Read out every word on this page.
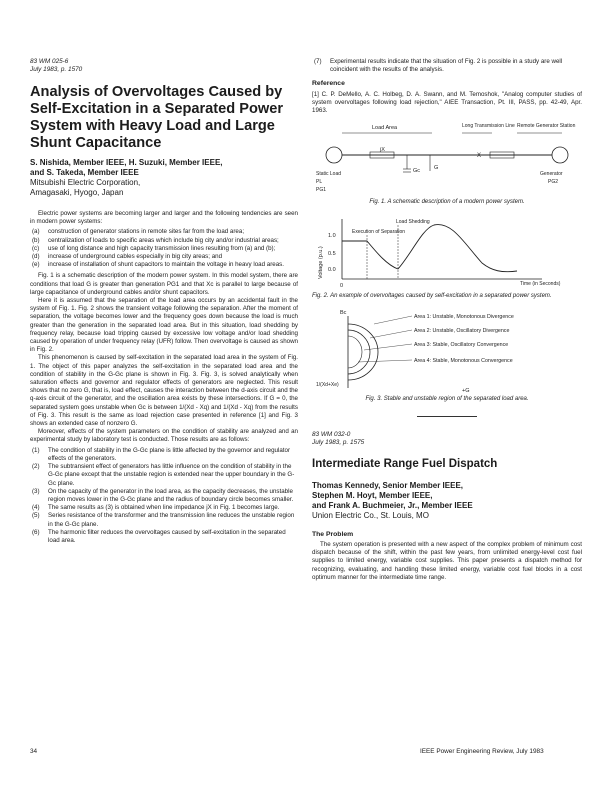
83 WM 025-6
July 1983, p. 1570
Analysis of Overvoltages Caused by Self-Excitation in a Separated Power System with Heavy Load and Large Shunt Capacitance

S. Nishida, Member IEEE, H. Suzuki, Member IEEE,

and S. Takeda, Member IEEE

Mitsubishi Electric Corporation,

Amagasaki, Hyogo, Japan

Electric power systems are becoming larger and larger and the following tendencies are seen in modern power systems:

(a) construction of generator stations in remote sites far from the load area;
(b) centralization of loads to specific areas which include big city and/or industrial areas;
(c) use of long distance and high capacity transmission lines resulting from (a) and (b);
(d) increase of underground cables especially in big city areas; and
(e) increase of installation of shunt capacitors to maintain the voltage in heavy load areas.

Fig. 1 is a schematic description of the modern power system. In this model system, there are conditions that load G is greater than generation PG1 and that Xc is parallel to large because of large capacitance of underground cables and/or shunt capacitors.

Here it is assumed that the separation of the load area occurs by an accidental fault in the system of Fig. 1. Fig. 2 shows the transient voltage following the separation. After the moment of separation, the voltage becomes lower and the frequency goes down because the load is much greater than the generation in the separated load area. But in this situation, load shedding by frequency relay, because load tripping caused by excessive low voltage and/or load shedding caused by operation of under frequency relay (UFR) follow. Then overvoltage is caused as shown in Fig. 2.

This phenomenon is caused by self-excitation in the separated load area in the system of Fig. 1. The object of this paper analyzes the self-excitation in the separated load area and the condition of stability in the G-Gc plane is shown in Fig. 3. Fig. 3, is solved analytically when saturation effects and governor and regulator effects of generators are neglected. This result shows that no zero G, that is, load effect, causes the interaction between the d-axis circuit and the q-axis circuit of the generator, and the oscillation area exists by these intersections. If G = 0, the separated system goes unstable when Gc is between 1/(Xd - Xq) and 1/(Xd - Xq) from the results of Fig. 3. This result is the same as load rejection case presented in reference [1] and Fig. 3 shows an extended case of nonzero G.

Moreover, effects of the system parameters on the condition of stability are analyzed and an experimental study by laboratory test is conducted. Those results are as follows:

(1) The condition of stability in the G-Gc plane is little affected by the governor and regulator effects of the generators.
(2) The subtransient effect of generators has little influence on the condition of stability in the G-Gc plane except that the unstable region is extended near the upper boundary in the G-Gc plane.
(3) On the capacity of the generator in the load area, as the capacity decreases, the unstable region moves lower in the G-Gc plane and the radius of boundary circle becomes smaller.
(4) The same results as (3) is obtained when line impedance jX in Fig. 1 becomes large.
(5) Series resistance of the transformer and the transmission line reduces the unstable region in the G-Gc plane.
(6) The harmonic filter reduces the overvoltages caused by self-excitation in the separated load area.
(7) Experimental results indicate that the situation of Fig. 2 is possible in a study are well coincident with the results of the analysis.
Reference

[1] C. P. DeMello, A. C. Holbeg, D. A. Swann, and M. Temoshok, "Analog computer studies of system overvoltages following load rejection," AIEE Transaction, Pt. III, PASS, pp. 42-49, Apr. 1963.

Load Area	Long Transmission Line Remote Generator Station
jX
X
Gc	G
Static Load
PL
Generator
PG1
PG2
Fig. 1. A schematic description of a modern power system.
Voltage (p.u.)
1.0
0.5
0.0
Load Shedding
Execution of Separation
0	Time (in Seconds)
Fig. 2. An example of overvoltages caused by self-excitation in a separated power system.
Bc
Area 1: Unstable, Monotonous Divergence
Area 2: Unstable, Oscillatory Divergence
Area 3: Stable, Oscillatory Convergence
Area 4: Stable, Monotonous Convergence
1/(Xd+Xe)
+G
Fig. 3. Stable and unstable region of the separated load area.
83 WM 032-0
July 1983, p. 1575
Intermediate Range Fuel Dispatch

Thomas Kennedy, Senior Member IEEE,

Stephen M. Hoyt, Member IEEE,

and Frank A. Buchmeier, Jr., Member IEEE

Union Electric Co., St. Louis, MO

The Problem

The system operation is presented with a new aspect of the complex problem of minimum cost dispatch because of the shift, within the past few years, from unlimited energy-level cost fuel supplies to limited energy, variable cost supplies. This paper presents a dispatch method for recognizing, evaluating, and handling these limited energy, variable cost fuel blocks in a cost optimum manner for the intermediate time range.

34	IEEE Power Engineering Review, July 1983
